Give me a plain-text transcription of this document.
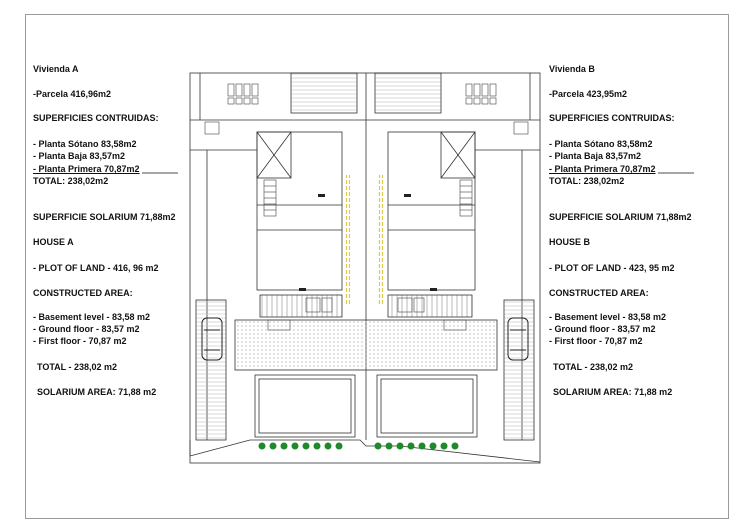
Vivienda A
-Parcela 416,96m2
SUPERFICIES CONTRUIDAS:
- Planta Sótano 83,58m2
- Planta Baja 83,57m2
- Planta Primera 70,87m2
TOTAL: 238,02m2
SUPERFICIE SOLARIUM 71,88m2
HOUSE A
- PLOT OF LAND - 416, 96 m2
CONSTRUCTED AREA:
- Basement level - 83,58 m2
- Ground floor - 83,57 m2
- First floor - 70,87 m2
TOTAL - 238,02 m2
SOLARIUM AREA: 71,88 m2
Vivienda B
-Parcela 423,95m2
SUPERFICIES CONTRUIDAS:
- Planta Sótano 83,58m2
- Planta Baja 83,57m2
- Planta Primera 70,87m2
TOTAL: 238,02m2
SUPERFICIE SOLARIUM 71,88m2
HOUSE B
- PLOT OF LAND - 423, 95 m2
CONSTRUCTED AREA:
- Basement level - 83,58 m2
- Ground floor - 83,57 m2
- First floor - 70,87 m2
TOTAL - 238,02 m2
SOLARIUM AREA: 71,88 m2
